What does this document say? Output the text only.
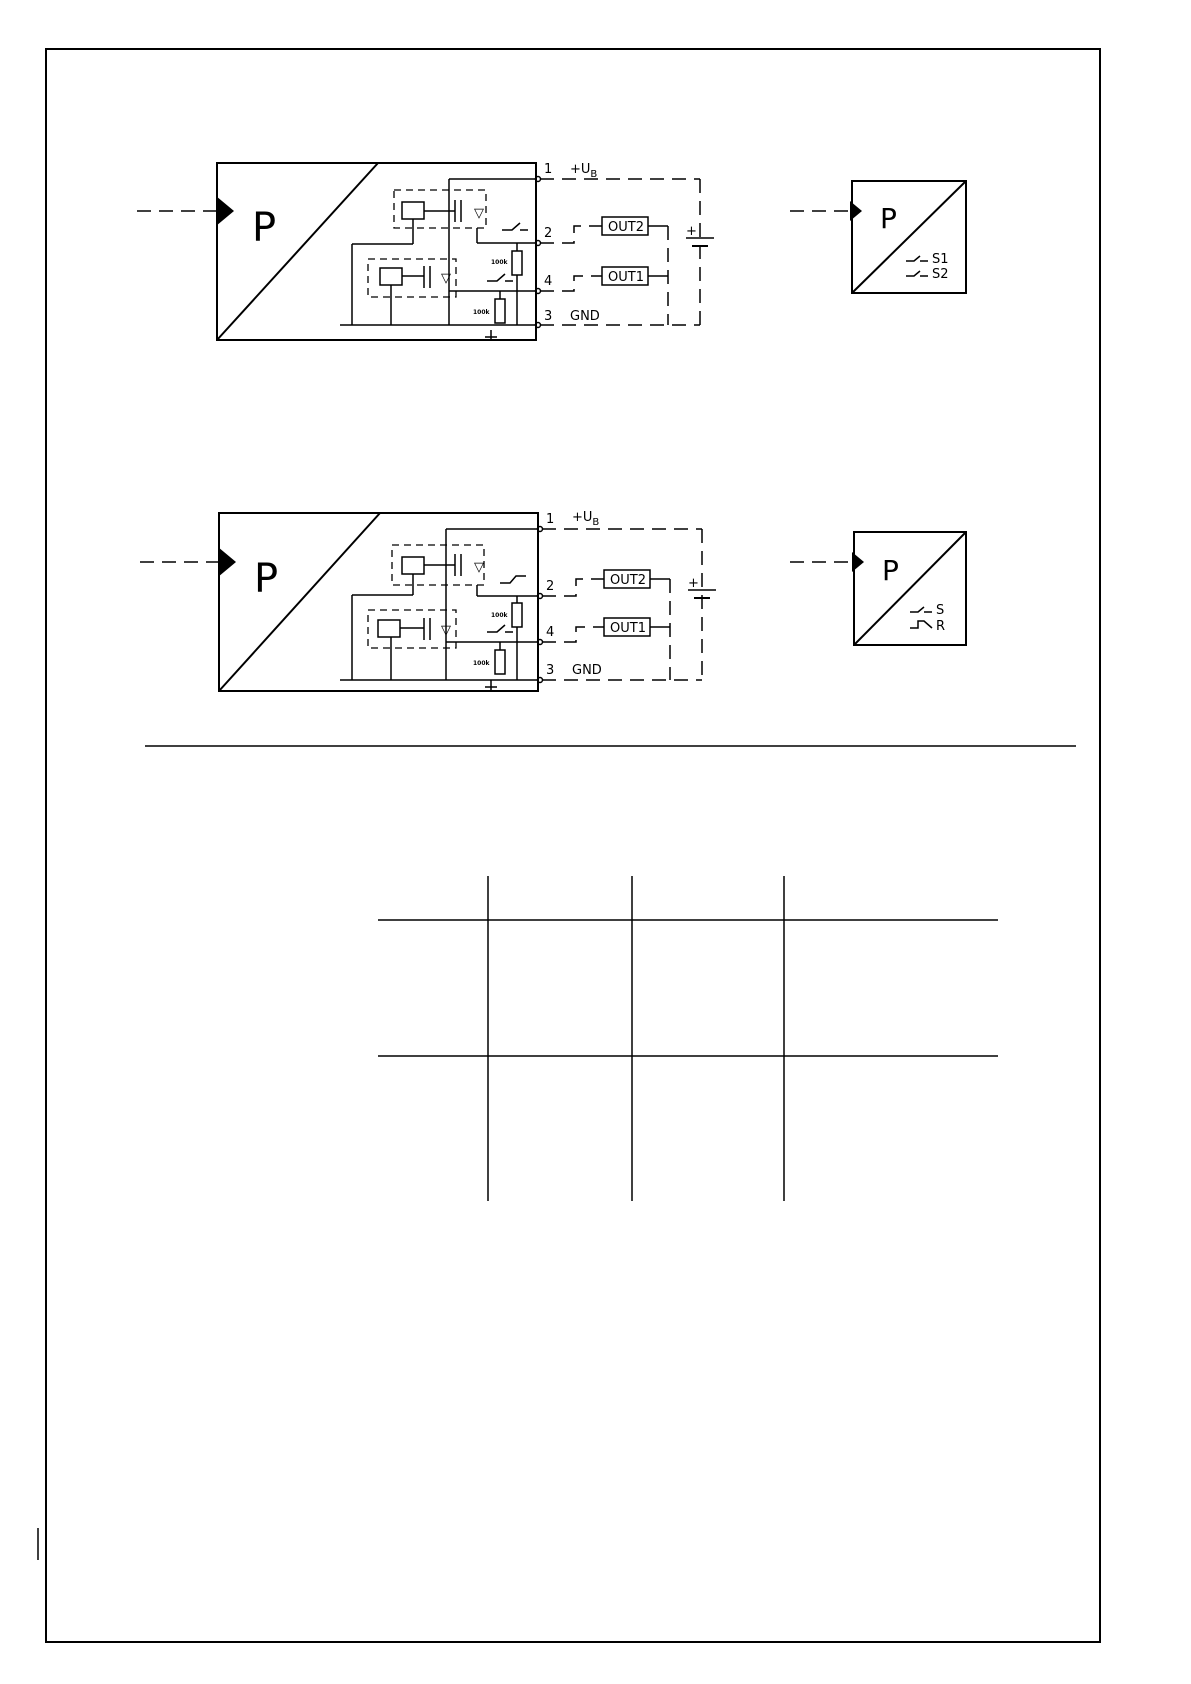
P	▽
▽
100k
100k
$1 +U_B$
2
4
3 GND
OUT2
OUT1
+	P
S1
S2
P	▽
▽
100k
100k
$1 +U_B$
2
4
3 GND
OUT2
OUT1
+	P
S
R
